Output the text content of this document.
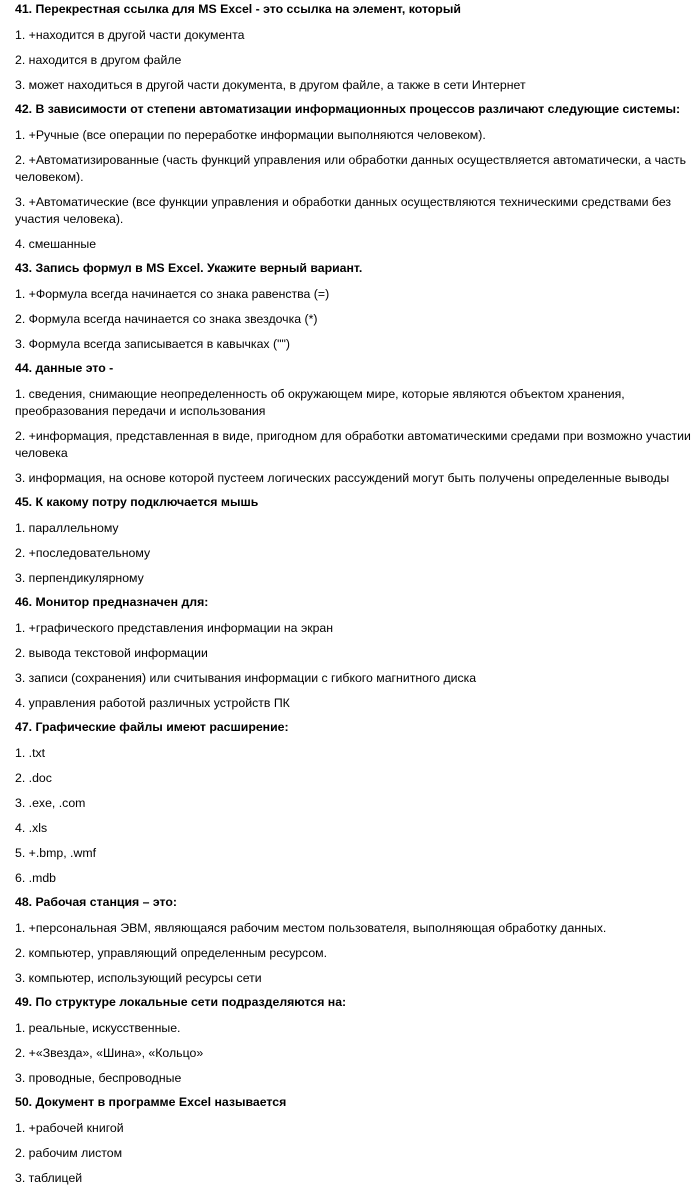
41. Перекрестная ссылка для MS Excel - это ссылка на элемент, который
1. +находится в другой части документа
2. находится в другом файле
3. может находиться в другой части документа, в другом файле, а также в сети Интернет
42. В зависимости от степени автоматизации информационных процессов различают следующие системы:
1. +Ручные (все операции по переработке информации выполняются человеком).
2. +Автоматизированные (часть функций управления или обработки данных осуществляется автоматически, а часть человеком).
3. +Автоматические (все функции управления и обработки данных осуществляются техническими средствами без участия человека).
4. смешанные
43. Запись формул в MS Excel. Укажите верный вариант.
1. +Формула всегда начинается со знака равенства (=)
2. Формула всегда начинается со знака звездочка (*)
3. Формула всегда записывается в кавычках ("")
44. данные это -
1. сведения, снимающие неопределенность об окружающем мире, которые являются объектом хранения, преобразования передачи и использования
2. +информация, представленная в виде, пригодном для обработки автоматическими средами при возможно участии человека
3. информация, на основе которой пустеем логических рассуждений могут быть получены определенные выводы
45. К какому потру подключается мышь
1. параллельному
2. +последовательному
3. перпендикулярному
46. Монитор предназначен для:
1. +графического представления информации на экран
2. вывода текстовой информации
3. записи (сохранения) или считывания информации с гибкого магнитного диска
4. управления работой различных устройств ПК
47. Графические файлы имеют расширение:
1. .txt
2. .doc
3. .exe, .com
4. .xls
5. +.bmp, .wmf
6. .mdb
48. Рабочая станция – это:
1. +персональная ЭВМ, являющаяся рабочим местом пользователя, выполняющая обработку данных.
2. компьютер, управляющий определенным ресурсом.
3. компьютер, использующий ресурсы сети
49. По структуре локальные сети подразделяются на:
1. реальные, искусственные.
2. +«Звезда», «Шина», «Кольцо»
3. проводные, беспроводные
50. Документ в программе Excel называется
1. +рабочей книгой
2. рабочим листом
3. таблицей
